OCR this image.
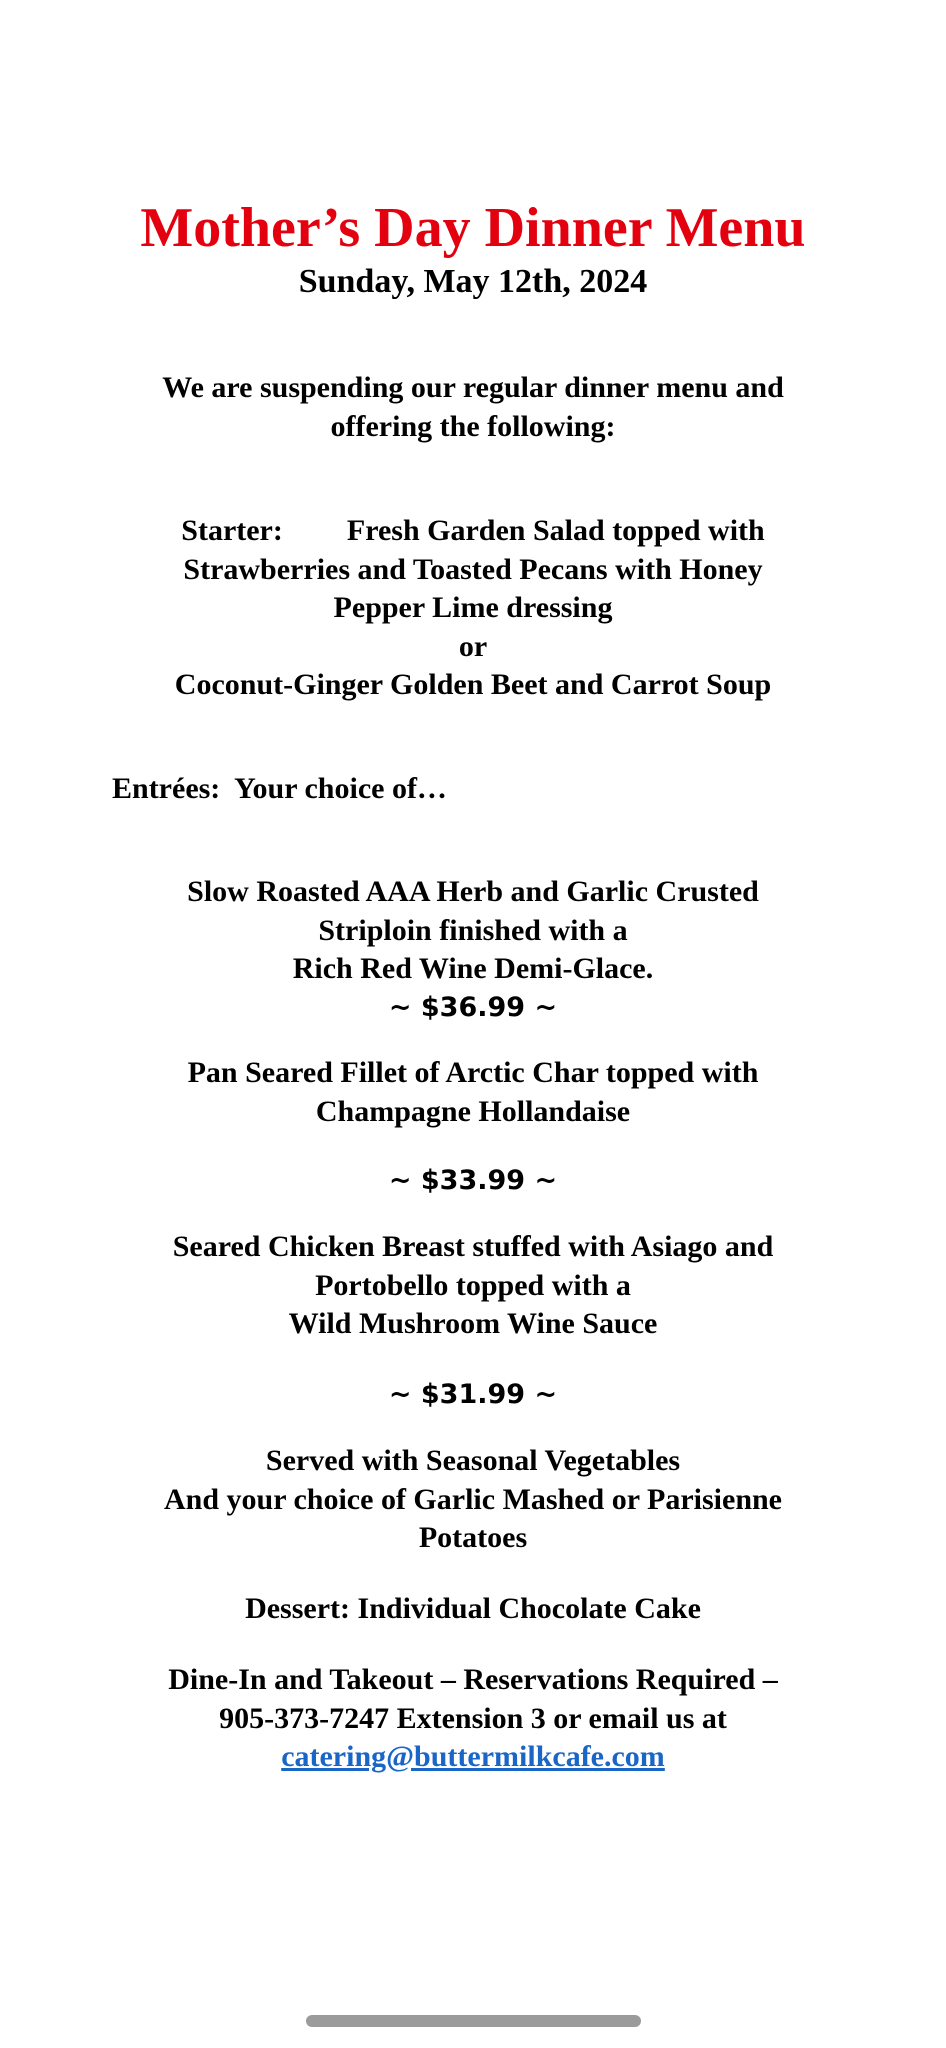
Mother’s Day Dinner Menu
Sunday, May 12th, 2024
We are suspending our regular dinner menu and
offering the following:
Starter: Fresh Garden Salad topped with
Strawberries and Toasted Pecans with Honey
Pepper Lime dressing
or
Coconut-Ginger Golden Beet and Carrot Soup
Entrées:  Your choice of…
Slow Roasted AAA Herb and Garlic Crusted
Striploin finished with a
Rich Red Wine Demi-Glace.
~ $36.99 ~
Pan Seared Fillet of Arctic Char topped with
Champagne Hollandaise
~ $33.99 ~
Seared Chicken Breast stuffed with Asiago and
Portobello topped with a
Wild Mushroom Wine Sauce
~ $31.99 ~
Served with Seasonal Vegetables
And your choice of Garlic Mashed or Parisienne
Potatoes
Dessert: Individual Chocolate Cake
Dine-In and Takeout – Reservations Required –
905-373-7247 Extension 3 or email us at
catering@buttermilkcafe.com
